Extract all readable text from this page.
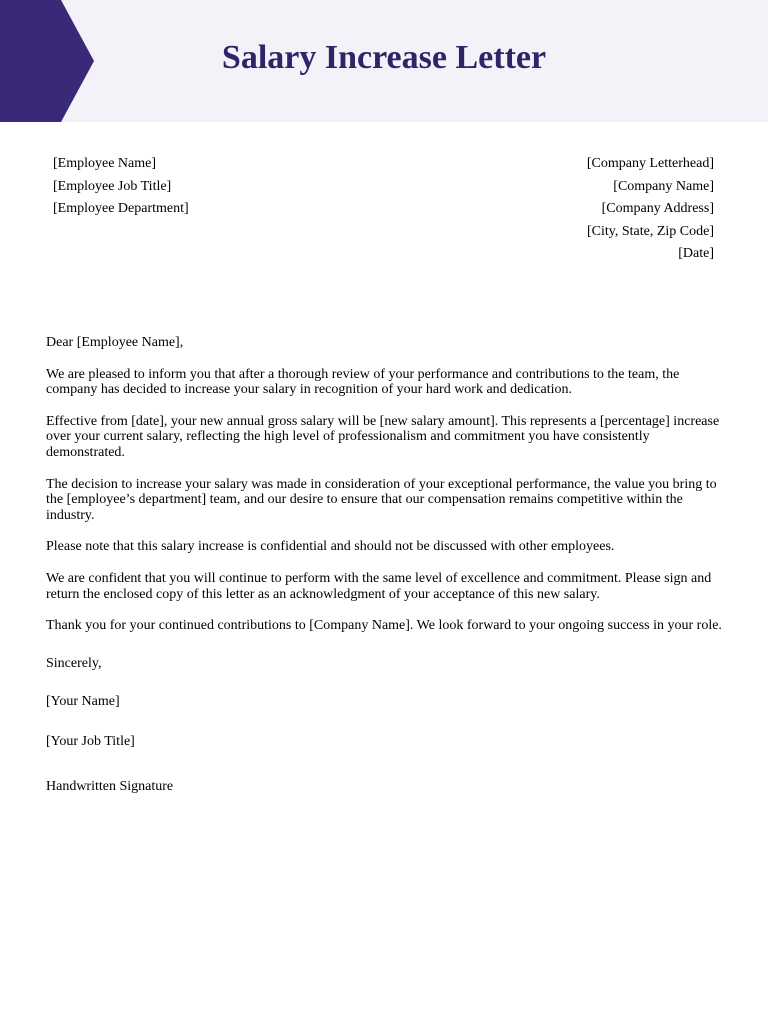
Salary Increase Letter
[Employee Name]
[Employee Job Title]
[Employee Department]
[Company Letterhead]
[Company Name]
[Company Address]
[City, State, Zip Code]
[Date]

Dear [Employee Name],

We are pleased to inform you that after a thorough review of your performance and contributions to the team, the company has decided to increase your salary in recognition of your hard work and dedication.

Effective from [date], your new annual gross salary will be [new salary amount]. This represents a [percentage] increase over your current salary, reflecting the high level of professionalism and commitment you have consistently demonstrated.

The decision to increase your salary was made in consideration of your exceptional performance, the value you bring to the [employee’s department] team, and our desire to ensure that our compensation remains competitive within the industry.

Please note that this salary increase is confidential and should not be discussed with other employees.

We are confident that you will continue to perform with the same level of excellence and commitment. Please sign and return the enclosed copy of this letter as an acknowledgment of your acceptance of this new salary.

Thank you for your continued contributions to [Company Name]. We look forward to your ongoing success in your role.

Sincerely,

[Your Name]

[Your Job Title]

Handwritten Signature
